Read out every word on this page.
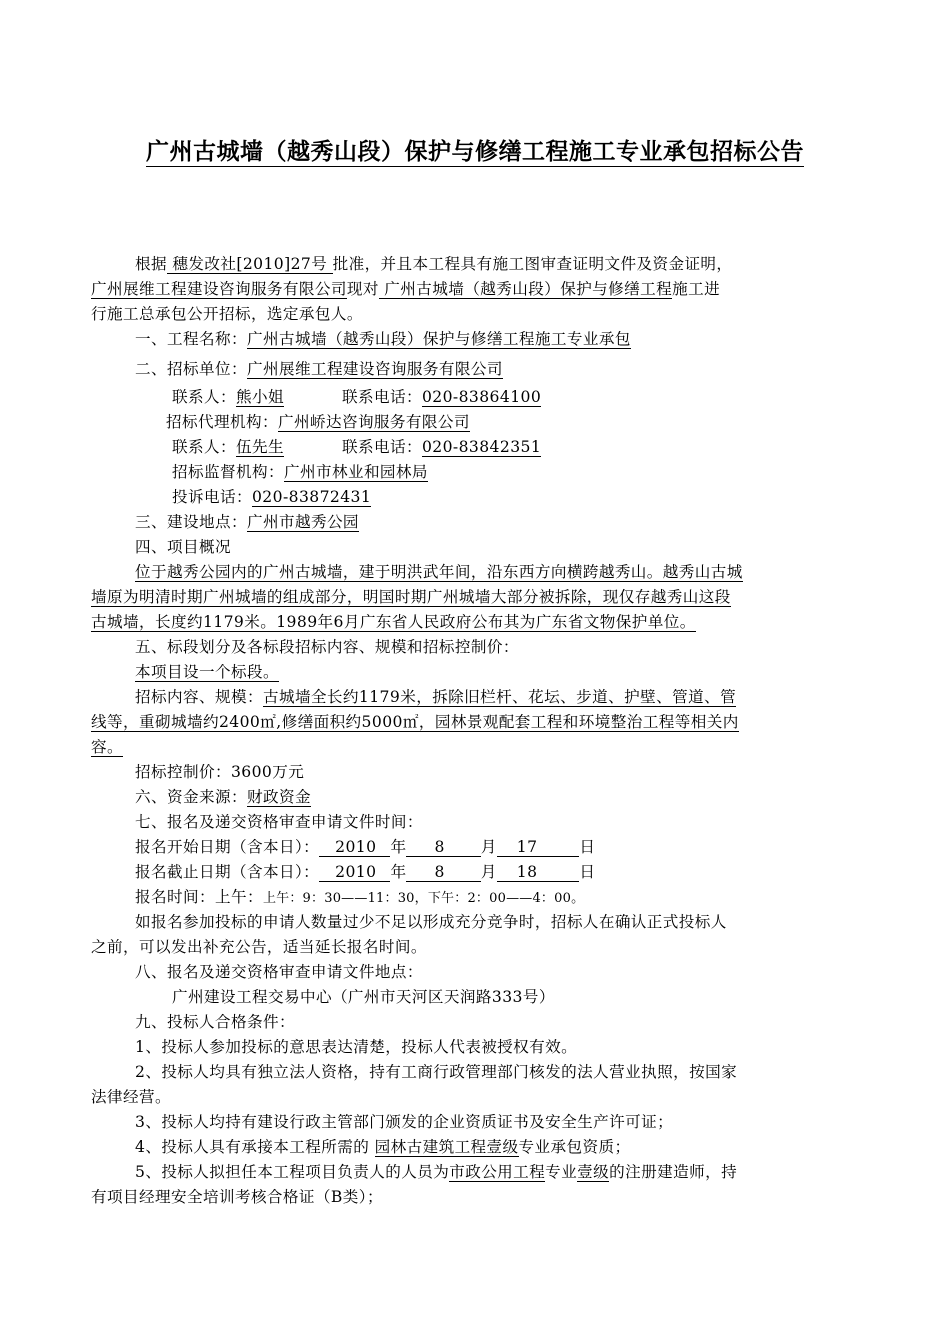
广州古城墙（越秀山段）保护与修缮工程施工专业承包招标公告
根据 穗发改社[2010]27号 批准，并且本工程具有施工图审查证明文件及资金证明，
广州展维工程建设咨询服务有限公司现对 广州古城墙（越秀山段）保护与修缮工程施工进
行施工总承包公开招标，选定承包人。
一、工程名称：广州古城墙（越秀山段）保护与修缮工程施工专业承包
二、招标单位：广州展维工程建设咨询服务有限公司
联系人：熊小姐	联系电话：020-83864100
招标代理机构：广州峤达咨询服务有限公司
联系人：伍先生	联系电话：020-83842351
招标监督机构：广州市林业和园林局
投诉电话：020-83872431
三、建设地点：广州市越秀公园
四、项目概况
位于越秀公园内的广州古城墙，建于明洪武年间，沿东西方向横跨越秀山。越秀山古城
墙原为明清时期广州城墙的组成部分，明国时期广州城墙大部分被拆除，现仅存越秀山这段
古城墙，长度约1179米。1989年6月广东省人民政府公布其为广东省文物保护单位。
五、标段划分及各标段招标内容、规模和招标控制价：
本项目设一个标段。
招标内容、规模：古城墙全长约1179米，拆除旧栏杆、花坛、步道、护壁、管道、管
线等，重砌城墙约2400㎡,修缮面积约5000㎡，园林景观配套工程和环境整治工程等相关内
容。
招标控制价：3600万元
六、资金来源：财政资金
七、报名及递交资格审查申请文件时间：
报名开始日期（含本日）： 2010 年 8 月 17	日
报名截止日期（含本日）： 2010 年 8 月 18	日
报名时间：上午：上午：9：30——11：30，下午：2：00——4：00。
如报名参加投标的申请人数量过少不足以形成充分竞争时，招标人在确认正式投标人
之前，可以发出补充公告，适当延长报名时间。
八、报名及递交资格审查申请文件地点：
广州建设工程交易中心（广州市天河区天润路333号）
九、投标人合格条件：
1、投标人参加投标的意思表达清楚，投标人代表被授权有效。
2、投标人均具有独立法人资格，持有工商行政管理部门核发的法人营业执照，按国家
法律经营。
3、投标人均持有建设行政主管部门颁发的企业资质证书及安全生产许可证；
4、投标人具有承接本工程所需的 园林古建筑工程壹级专业承包资质；
5、投标人拟担任本工程项目负责人的人员为市政公用工程专业壹级的注册建造师，持
有项目经理安全培训考核合格证（B类）；
